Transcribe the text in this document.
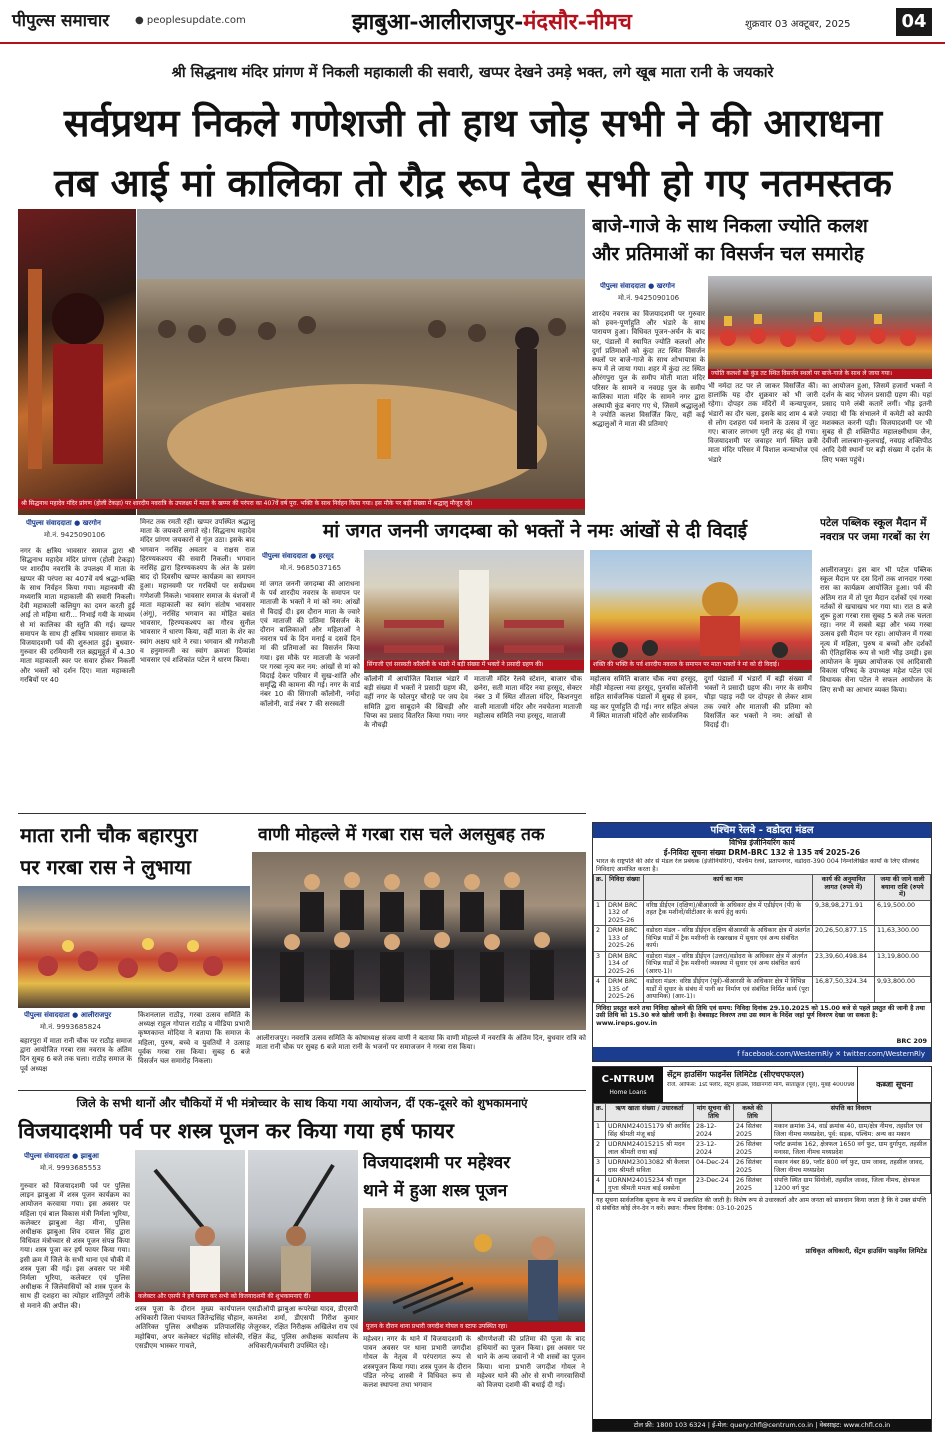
पीपुल्स समाचार	● peoplesupdate.com	झाबुआ-आलीराजपुर-मंदसौर-नीमच	शुक्रवार 03 अक्टूबर, 2025	04
श्री सिद्धनाथ मंदिर प्रांगण में निकली महाकाली की सवारी, खप्पर देखने उमड़े भक्त, लगे खूब माता रानी के जयकारे
सर्वप्रथम निकले गणेशजी तो हाथ जोड़ सभी ने की आराधना
तब आई मां कालिका तो रौद्र रूप देख सभी हो गए नतमस्तक
श्री सिद्धनाथ महादेव मंदिर प्रांगण (होली टेकड़ा) पर शारदीय नवरात्रि के उपलक्ष्य में माता के खप्पर की परंपरा का 407वें वर्ष पूरा. भक्ति के साथ निर्वहन किया गया। इस मौके पर बड़ी संख्या में श्रद्धालु मौजूद रहे।
पीपुल्स संवाददाता ● खरगोन
मो.नं. 9425090106
नगर के क्षत्रिय भावसार समाज द्वारा श्री सिद्धनाथ महादेव मंदिर प्रांगण (होली टेकड़ा) पर शारदीय नवरात्रि के उपलक्ष्य में माता के खप्पर की परंपरा का 407वें वर्ष श्रद्धा-भक्ति के साथ निर्वहन किया गया। महानवमी की मध्यरात्रि माता महाकाली की सवारी निकली। देवी महाकाली कलियुग का दमन करती हुई आई तो महिमा धारी... निभाई गयी के माध्यम से मां कालिका की स्तुति की गई। खप्पर समापन के साथ ही क्षत्रिय भावसार समाज के विजयादशमी पर्व की शुरुआत हुई। बुधवार-गुरुवार की दरमियानी रात ब्रह्ममुहूर्त में 4.30 माता महाकाली स्वर पर सवार होकर निकलीं और भक्तों को दर्शन दिए। माता महाकाली गरबियों पर 40
मिनट तक रमती रहीं। खप्पर उपस्थित श्रद्धालु माता के जयकारे लगाते रहे। सिद्धनाथ महादेव मंदिर प्रांगण जयकारों से गूंज उठा। इसके बाद भगवान नरसिंह अवतार व राक्षस राज हिरण्यकश्यप की सवारी निकली। भगवान नरसिंह द्वारा हिरण्यकश्यप के अंत के प्रसंग बाद दो दिवसीय खप्पर कार्यक्रम का समापन हुआ। महानवमी पर गरबियों पर सर्वप्रथम गणेशजी निकले। भावसार समाज के वंशजों में माता महाकाली का स्वांग संतोष भावसार (अंगू), नरसिंह भगवान का मोहित बसंत भावसार, हिरण्यकश्यप का गौरव सुनील भावसार ने धारण किया, वहीं माता के शेर का स्वांग अक्षय धारे ने रचा। भगवान श्री गणेशजी व हनुमानजी का स्वांग क्रमशः दिव्यांश भावसार एवं शशिकांत पटेल ने धारण किया।
बाजे-गाजे के साथ निकला ज्योति कलश
और प्रतिमाओं का विसर्जन चल समारोह
पीपुल्स संवाददाता ● खरगोन
मो.नं. 9425090106
शारदेय नवरात्र का विजयादशमी पर गुरुवार को हवन-पूर्णाहुति और भंडारे के साथ पारायण हुआ। विधिवत पूजन-अर्चन के बाद घर, पंडालों में स्थापित ज्योति कलशों और दुर्गा प्रतिमाओं को कुंदा तट स्थित विसर्जन स्थलों पर बाजे-गाजे के साथ शोभायात्रा के रूप में ले जाया गया। शहर में कुंदा तट स्थित औरंगपुरा पुल के समीप मोती माता मंदिर परिसर के सामने व नवग्रह पुल के समीप कालिका माता मंदिर के सामने नगर द्वारा अस्थायी कुंड बनाए गए थे, जिसमें श्रद्धालुओं ने ज्योति कलश विसर्जित किए, वहीं कई श्रद्धालुओं ने माता की प्रतिमाएं
ज्योति कलशों को कुंड तट स्थित विसर्जन स्थलों पर बाजे-गाजे के साथ ले जाया गया।
भी नर्मदा तट पर ले जाकर विसर्जित कीं। हालांकि यह दौर शुक्रवार को भी जारी रहेगा। दोपहर तक मंदिरों में कन्यापूजन, भंडारों का दौर चला, इसके बाद शाम 4 बजे से लोग दशहरा पर्व मनाने के उत्सव में जुट गए। बाजार लगभग पूरी तरह बंद हो गया। विजयादशमी पर जवाहर मार्ग स्थित छत्री माता मंदिर परिसर में विशाल कन्याभोज एवं भंडारे
का आयोजन हुआ, जिसमें हजारों भक्तों ने दर्शन के बाद भोजन प्रसादी ग्रहण की। यहां प्रसाद पाने लंबी कतारें लगीं। भीड़ इतनी ज्यादा थी कि संभालने में कमेटी को काफी मशक्कत करनी पड़ी। विजयादशमी पर भी सुबह से ही शक्तिपीठ महालक्ष्मीधाम जैन, देवीजी लालबाग-कुलचाई, नवग्रह शक्तिपीठ आदि देवी स्थानों पर बड़ी संख्या में दर्शन के लिए भक्त पहुंचे।
मां जगत जननी जगदम्बा को भक्तों ने नमः आंखों से दी विदाई
पीपुल्स संवाददाता ● हरसूद
मो.नं. 9685037165
मां जगत जननी जगदम्बा की आराधना के पर्व शारदीय नवरात्र के समापन पर माताजी के भक्तों ने मां को नम: आंखों से विदाई दी। इस दौरान माता के ज्वारे एवं माताजी की प्रतिमा विसर्जन के दौरान बालिकाओं और महिलाओं ने नवरात्र पर्व के दिन मनाई व दसवें दिन मां की प्रतिमाओं का विसर्जन किया गया। इस मौके पर माताजी के भजनों पर गरबा नृत्य कर नम: आंखों से मां को विदाई देकर परिवार में सुख-शांति और समृद्धि की कामना की गई। नगर के वार्ड नंबर 10 की सिंगाजी कॉलोनी, नर्मदा कॉलोनी, वार्ड नंबर 7 की सरस्वती
सिंगाजी एवं सरस्वती कॉलोनी के भंडारे में बड़ी संख्या में भक्तों ने प्रसादी ग्रहण की।	शक्ति की भक्ति के पर्व शारदीय नवरात्र के समापन पर माता भक्तों ने मां को दी विदाई।
कॉलोनी में आयोजित विशाल भंडारे में बड़ी संख्या में भक्तों ने प्रसादी ग्रहण की, वहीं नगर के फोलपुर चौराहे पर जय देव समिति द्वारा साबूदाने की खिचड़ी और चिप्स का प्रसाद वितरित किया गया। नगर के नौचढ़ी
माताजी मंदिर रेलवे स्टेशन, बाजार चौक छनेरा, सती माता मंदिर नया हरसूद, सेक्टर नंबर 3 में स्थित शीतला मंदिर, किशनपुरा वाली माताजी मंदिर और नवचेतना माताजी महोत्सव समिति नया हरसूद, माताजी
महोत्सव समिति बाजार चौक नया हरसूद, मोही मोहल्ला नया हरसूद, पुनर्वास कॉलोनी सहित सार्वजनिक पंडालों में सुबह से हवन, यह कर पूर्णाहुति दी गई। नगर सहित अंचल में स्थित माताजी मंदिरों और सार्वजनिक
दुर्गा पंडालों में भंडारों में बड़ी संख्या में भक्तों ने प्रसादी ग्रहण की। नगर के समीप चौड़ा पहाड़ नदी पर दोपहर से लेकर शाम तक ज्वारे और माताजी की प्रतिमा को विसर्जित कर भक्तों ने नम: आंखों से विदाई दी।
पटेल पब्लिक स्कूल मैदान में नवरात्र पर जमा गरबों का रंग
आलीराजपुर। इस बार भी पटेल पब्लिक स्कूल मैदान पर दस दिनों तक शानदार गरबा रास का कार्यक्रम आयोजित हुआ। पर्व की अंतिम रात में तो पूरा मैदान दर्शकों एवं गरबा नर्तकों से खचाखच भर गया था। रात 8 बजे शुरू हुआ गरबा रास सुबह 5 बजे तक चलता रहा। नगर में सबसे बड़ा और भव्य गरबा उत्सव इसी मैदान पर रहा। आयोजन में गरबा नृत्य में महिला, पुरुष व बच्चों और दर्शकों की ऐतिहासिक रूप से भारी भीड़ उमड़ी। इस आयोजन के मुख्य आयोजक एवं आदिवासी विकास परिषद के उपाध्यक्ष महेश पटेल एवं विधायक सेना पटेल ने सफल आयोजन के लिए सभी का आभार व्यक्त किया।
माता रानी चौक बहारपुरा
पर गरबा रास ने लुभाया
पीपुल्स संवाददाता ● आलीराजपुर
मो.नं. 9993685824
बहारपुरा में माता रानी चौक पर राठौड़ समाज द्वारा आयोजित गरबा रास नवरात्र के अंतिम दिन सुबह 6 बजे तक चला। राठौड़ समाज के पूर्व अध्यक्ष
किशनलाल राठौड़, गरबा उत्सव समिति के अध्यक्ष राहुल गोपाल राठौड़ व मीडिया प्रभारी कृष्णकान्त मोदिया ने बताया कि समाज के महिला, पुरुष, बच्चे व युवतियों ने उत्साह पूर्वक गरबा रास किया। सुबह 6 बजे विसर्जन चल समारोह निकला।
वाणी मोहल्ले में गरबा रास चले अलसुबह तक
आलीराजपुर। नवरात्रि उत्सव समिति के कोषाध्यक्ष संजय वाणी ने बताया कि वाणी मोहल्ले में नवरात्रि के अंतिम दिन, बुधवार रात्रि को माता रानी चौक पर सुबह 6 बजे माता रानी के भजनों पर समाजजन ने गरबा रास किया।
पश्चिम रेलवे - वडोदरा मंडल
विभिन्न इंजीनियरिंग कार्य
ई-निविदा सूचना संख्या DRM-BRC 132 से 135 वर्ष 2025-26
भारत के राष्ट्रपति की ओर से मंडल रेल प्रबंधक (इंजीनियरिंग), पश्चिम रेलवे, प्रतापनगर, वडोदरा-390 004 निम्नलिखित कार्यों के लिए सीलबंद निविदाएं आमंत्रित करता है।
क्र.	निविदा संख्या	कार्य का नाम	कार्य की अनुमानित लागत (रुपये में)	जमा की जाने वाली बयाना राशि (रुपये में)
1	DRM BRC 132 of 2025-26	वरिष्ठ डीईएन (दक्षिण)/बीआरसी के अधिकार क्षेत्र में एडीईएन (पी) के तहत ट्रैक मशीनों/सीटीआर के कार्य हेतु कार्य।	9,38,98,271.91	6,19,500.00
2	DRM BRC 133 of 2025-26	वडोदरा मंडल - वरिष्ठ डीईएन दक्षिण बीआरसी के अधिकार क्षेत्र में अंतर्गत विभिन्न यार्डों में ट्रैक मशीनरी के रखरखाव में सुधार एवं अन्य संबंधित कार्य।	20,26,50,877.15	11,63,300.00
3	DRM BRC 134 of 2025-26	वडोदरा मंडल - वरिष्ठ डीईएन (उत्तर)/वडोदरा के अधिकार क्षेत्र में अंतर्गत विभिन्न यार्डों में ट्रैक मशीनरी व्यवस्था में सुधार एवं अन्य संबंधित कार्य (आरए-1)।	23,39,60,498.84	13,19,800.00
4	DRM BRC 135 of 2025-26	वडोदरा मंडल: वरिष्ठ डीईएन (पूर्व)-बीआरसी के अधिकार क्षेत्र में विभिन्न यार्डों में सुधार के संबंध में पानी का निर्माण एवं संबंधित निर्मित कार्य (पूरा आयामिक) (आर-1)।	16,87,50,324.34	9,93,800.00
निविदा प्रस्तुत करने तथा निविदा खोलने की तिथि एवं समय: निविदा दिनांक 29.10.2025 को 15.00 बजे से पहले प्रस्तुत की जानी है तथा उसी तिथि को 15.30 बजे खोली जानी है। वेबसाइट विवरण तथा उस स्थान के निर्देश जहां पूर्ण विवरण देखा जा सकता है: www.ireps.gov.in
BRC 209
f facebook.com/WesternRly ✕ twitter.com/WesternRly
जिले के सभी थानों और चौकियों में भी मंत्रोच्चार के साथ किया गया आयोजन, दीं एक-दूसरे को शुभकामनाएं
विजयादशमी पर्व पर शस्त्र पूजन कर किया गया हर्ष फायर
पीपुल्स संवाददाता ● झाबुआ
मो.नं. 9993685553
गुरुवार को विजयादशमी पर्व पर पुलिस लाइन झाबुआ में शस्त्र पूजन कार्यक्रम का आयोजन करवाया गया। इस अवसर पर महिला एवं बाल विकास मंत्री निर्मला भूरिया, कलेक्टर झाबुआ नेहा मीना, पुलिस अधीक्षक झाबुआ शिव दयाल सिंह द्वारा विधिवत मंत्रोच्चार से शस्त्र पूजन संपन्न किया गया। शस्त्र पूजा कर हर्ष फायर किया गया। इसी क्रम में जिले के सभी थाना एवं चौकी में शस्त्र पूजा की गई। इस अवसर पर मंत्री निर्मला भूरिया, कलेक्टर एवं पुलिस अधीक्षक ने जिलेवासियों को शस्त्र पूजन के साथ ही दशहरा का त्योहार शांतिपूर्ण तरीके से मनाने की अपील की।
कलेक्टर और एसपी ने हर्ष फायर कर सभी को विजयादशमी की शुभकामनाएं दीं।
शस्त्र पूजा के दौरान मुख्य कार्यपालन अधिकारी जिला पंचायत जितेन्द्रसिंह चौहान, अतिरिक्त पुलिस अधीक्षक प्रतिपालसिंह महोबिया, अपर कलेक्टर चंद्रसिंह सोलंकी, एसडीएम भास्कर गाचले,
एसडीओपी झाबुआ रूपरेखा यादव, डीएसपी कमलेश शर्मा, डीएसपी गिरीश कुमार जेजुरकर, रक्षित निरीक्षक अखिलेश राय एवं रक्षित केंद्र, पुलिस अधीक्षक कार्यालय के अधिकारी/कर्मचारी उपस्थित रहे।
विजयादशमी पर महेश्वर
थाने में हुआ शस्त्र पूजन
पूजन के दौरान थाना प्रभारी जगदीश गोयल व स्टाफ उपस्थित रहा।
महेश्वर। नगर के थाने में विजयादशमी के पावन अवसर पर थाना प्रभारी जगदीश गोयल के नेतृत्व में परंपरागत रूप से शस्त्रपूजन किया गया। शस्त्र पूजन के दौरान पंडित नरेन्द्र शास्त्री ने विधिवत रूप से कलश स्थापना तथा भगवान
श्रीगणेशजी की प्रतिमा की पूजा के बाद हथियारों का पूजन किया। इस अवसर पर थाने के अन्य जवानों ने भी शस्त्रों का पूजन किया। थाना प्रभारी जगदीश गोयल ने महेश्वर थाने की ओर से सभी नगरवासियों को विजया दशमी की बधाई दी गई।
C-NTRUM
Home Loans
सेंट्रम हाउसिंग फाइनेंस लिमिटेड (सीएचएफएल)
रजि. ऑफिस: 1st फ्लोर, सेंट्रम हाउस, विद्यानगरी मार्ग, सांताक्रूज (पूर्व), मुंबई 400098	कब्जा सूचना
क्र.	ऋण खाता संख्या / उधारकर्ता	मांग सूचना की तिथि	कब्जे की तिथि	संपत्ति का विवरण
1	UDRNM24015179 श्री अरविंद सिंह श्रीमती मंजू बाई	28-12-2024	24 सितंबर 2025	मकान क्रमांक 34, वार्ड क्रमांक 40, ग्राम/क्षेत्र नीमच, तहसील एवं जिला नीमच मध्यप्रदेश, पूर्व: सड़क, पश्चिम: अन्य का मकान
2	UDRNM24015215 श्री मदन लाल श्रीमती राधा बाई	23-12-2024	26 सितंबर 2025	प्लॉट क्रमांक 162, क्षेत्रफल 1650 वर्ग फुट, ग्राम दुर्गापुरा, तहसील मनासा, जिला नीमच मध्यप्रदेश
3	UDRNM23013082 श्री कैलाश दास श्रीमती सविता	04-Dec-24	26 सितंबर 2025	मकान नंबर 89, प्लॉट 800 वर्ग फुट, ग्राम जावद, तहसील जावद, जिला नीमच मध्यप्रदेश
4	UDRNM24015234 श्री राहुल गुप्ता श्रीमती ममता बाई सक्सेना	23-Dec-24	26 सितंबर 2025	संपत्ति स्थित ग्राम सिंगोली, तहसील जावद, जिला नीमच, क्षेत्रफल 1200 वर्ग फुट
यह सूचना सार्वजनिक सूचना के रूप में प्रकाशित की जाती है। विशेष रूप से उधारकर्ता और आम जनता को सावधान किया जाता है कि वे उक्त संपत्ति से संबंधित कोई लेन-देन न करें। स्थान: नीमच दिनांक: 03-10-2025
प्राधिकृत अधिकारी, सेंट्रम हाउसिंग फाइनेंस लिमिटेड
टोल फ्री: 1800 103 6324 | ई-मेल: query.chfl@centrum.co.in | वेबसाइट: www.chfl.co.in
